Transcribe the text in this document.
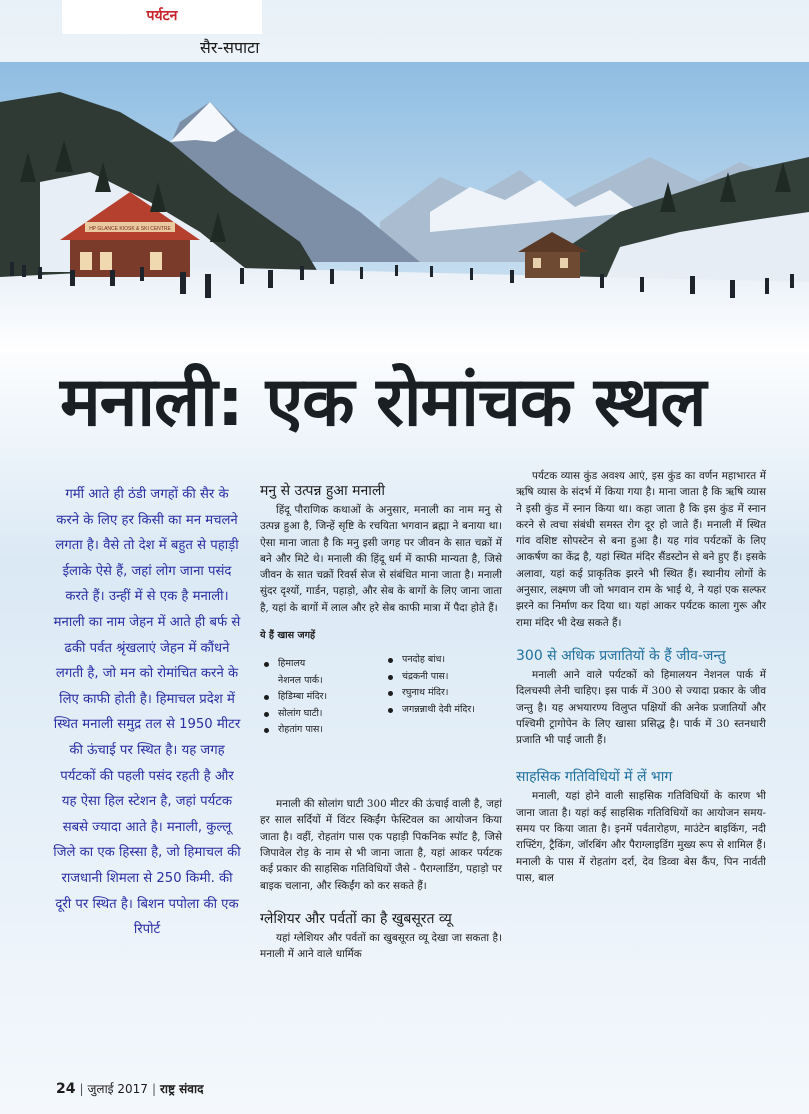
पर्यटन
सैर-सपाटा
HP GLANCE KIOSK & SKI CENTRE
मनाली: एक रोमांचक स्थल
गर्मी आते ही ठंडी जगहों की सैर के करने के लिए हर किसी का मन मचलने लगता है। वैसे तो देश में बहुत से पहाड़ी ईलाके ऐसे हैं, जहां लोग जाना पसंद करते हैं। उन्हीं में से एक है मनाली। मनाली का नाम जेहन में आते ही बर्फ से ढकी पर्वत श्रृंखलाएं जेहन में कौंधने लगती है, जो मन को रोमांचित करने के लिए काफी होती है। हिमाचल प्रदेश में स्थित मनाली समुद्र तल से 1950 मीटर की ऊंचाई पर स्थित है। यह जगह पर्यटकों की पहली पसंद रहती है और यह ऐसा हिल स्टेशन है, जहां पर्यटक सबसे ज्यादा आते है। मनाली, कुल्लू जिले का एक हिस्सा है, जो हिमाचल की राजधानी शिमला से 250 किमी. की दूरी पर स्थित है। बिशन पपोला की एक रिपोर्ट
मनु से उत्पन्न हुआ मनाली

हिंदू पौराणिक कथाओं के अनुसार, मनाली का नाम मनु से उत्पन्न हुआ है, जिन्हें सृष्टि के रचयिता भगवान ब्रह्मा ने बनाया था। ऐसा माना जाता है कि मनु इसी जगह पर जीवन के सात चक्रों में बने और मिटे थे। मनाली की हिंदू धर्म में काफी मान्यता है, जिसे जीवन के सात चक्रों रिवर्स सेज से संबंधित माना जाता है। मनाली सुंदर दृश्यों, गार्डन, पहाड़ो, और सेब के बागों के लिए जाना जाता है, यहां के बागों में लाल और हरे सेब काफी मात्रा में पैदा होते हैं।

ये हैं खास जगहें
हिमालय
नेशनल पार्क।
हिडिम्बा मंदिर।
सोलांग घाटी।
रोहतांग पास।
पनदोह बांध।
चंद्रकनी पास।
रघुनाथ मंदिर।
जगन्नन्नाथी देवी मंदिर।

मनाली की सोलांग घाटी 300 मीटर की ऊंचाई वाली है, जहां हर साल सर्दियों में विंटर स्किईंग फेस्टिवल का आयोजन किया जाता है। वहीं, रोहतांग पास एक पहाड़ी पिकनिक स्पॉट है, जिसे जिपावेल रोड़ के नाम से भी जाना जाता है, यहां आकर पर्यटक कई प्रकार की साहसिक गतिविधियों जैसे - पैराग्लाडिंग, पहाड़ो पर बाइक चलाना, और स्किईंग को कर सकते हैं।

ग्लेशियर और पर्वतों का है खुबसूरत व्यू

यहां ग्लेशियर और पर्वतों का खुबसूरत व्यू देखा जा सकता है। मनाली में आने वाले धार्मिक

पर्यटक व्यास कुंड अवश्य आएं, इस कुंड का वर्णन महाभारत में ऋषि व्यास के संदर्भ में किया गया है। माना जाता है कि ऋषि व्यास ने इसी कुंड में स्नान किया था। कहा जाता है कि इस कुंड में स्नान करने से त्वचा संबंधी समस्त रोग दूर हो जाते हैं। मनाली में स्थित गांव वशिष्ट सोपस्टेन से बना हुआ है। यह गांव पर्यटकों के लिए आकर्षण का केंद्र है, यहां स्थित मंदिर सैंडस्टोन से बने हुए हैं। इसके अलावा, यहां कई प्राकृतिक झरने भी स्थित हैं। स्थानीय लोगों के अनुसार, लक्ष्मण जी जो भगवान राम के भाई थे, ने यहां एक सल्फर झरने का निर्माण कर दिया था। यहां आकर पर्यटक काला गुरू और रामा मंदिर भी देख सकते हैं।

300 से अधिक प्रजातियों के हैं जीव-जन्तु

मनाली आने वाले पर्यटकों को हिमालयन नेशनल पार्क में दिलचस्पी लेनी चाहिए। इस पार्क में 300 से ज्यादा प्रकार के जीव जन्तु है। यह अभयारण्य विलुप्त पक्षियों की अनेक प्रजातियों और पश्चिमी ट्रागोपेन के लिए खासा प्रसिद्ध है। पार्क में 30 स्तनधारी प्रजाति भी पाई जाती हैं।

साहसिक गतिविधियों में लें भाग

मनाली, यहां होने वाली साहसिक गतिविधियों के कारण भी जाना जाता है। यहां कई साहसिक गतिविधियों का आयोजन समय-समय पर किया जाता है। इनमें पर्वतारोहण, माउंटेन बाइकिंग, नदी राफ्टिंग, ट्रैकिंग, जॉरबिंग और पैराग्लाइडिंग मुख्य रूप से शामिल हैं। मनाली के पास में रोहतांग दर्रा, देव डिव्वा बेस कैंप, पिन नार्वती पास, बाल

24 | जुलाई 2017 | राष्ट्र संवाद
